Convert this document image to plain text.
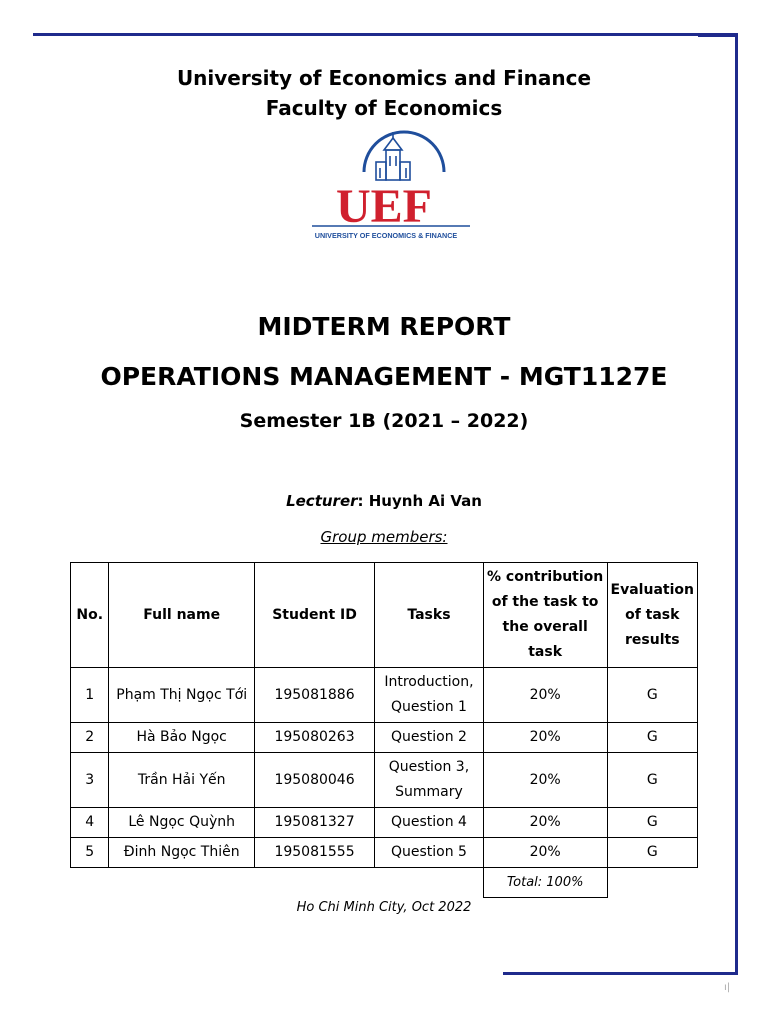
ı|
University of Economics and Finance
Faculty of Economics
UEF
UNIVERSITY OF ECONOMICS & FINANCE
MIDTERM REPORT
OPERATIONS MANAGEMENT - MGT1127E
Semester 1B (2021 – 2022)
Lecturer: Huynh Ai Van
Group members:
No.	Full name	Student ID	Tasks	% contribution of the task to the overall task	Evaluation of task results
1	Phạm Thị Ngọc Tới	195081886	Introduction, Question 1	20%	G
2	Hà Bảo Ngọc	195080263	Question 2	20%	G
3	Trần Hải Yến	195080046	Question 3, Summary	20%	G
4	Lê Ngọc Quỳnh	195081327	Question 4	20%	G
5	Đinh Ngọc Thiên	195081555	Question 5	20%	G
				Total: 100%	
Ho Chi Minh City, Oct 2022
